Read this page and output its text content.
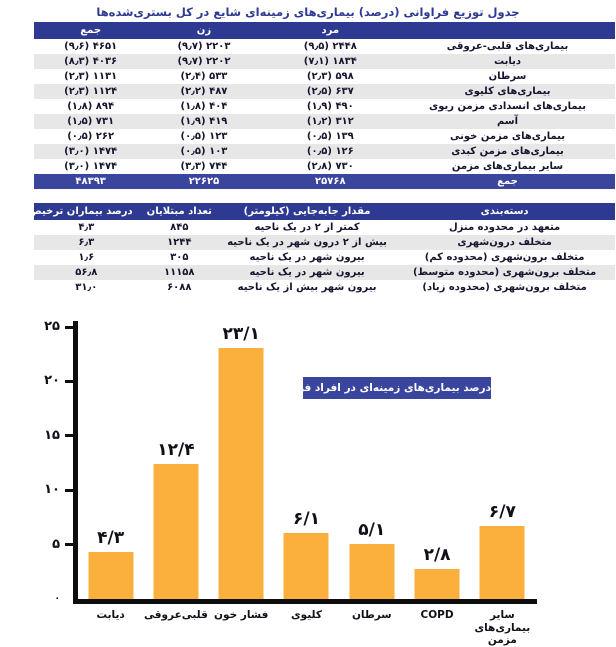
جدول توزیع فراوانی (درصد) بیماری‌های زمینه‌ای شایع در کل بستری‌شده‌ها
	مرد	زن	جمع
بیماری‌های قلبی-عروقی	۲۴۴۸ (۹٫۵)	۲۲۰۳ (۹٫۷)	۴۶۵۱ (۹٫۶)
دیابت	۱۸۳۴ (۷٫۱)	۲۲۰۲ (۹٫۷)	۴۰۳۶ (۸٫۳)
سرطان	۵۹۸ (۲٫۳)	۵۳۳ (۲٫۴)	۱۱۳۱ (۲٫۳)
بیماری‌های کلیوی	۶۳۷ (۲٫۵)	۴۸۷ (۲٫۲)	۱۱۲۴ (۲٫۳)
بیماری‌های انسدادی مزمن ریوی	۴۹۰ (۱٫۹)	۴۰۴ (۱٫۸)	۸۹۴ (۱٫۸)
آسم	۳۱۲ (۱٫۲)	۴۱۹ (۱٫۹)	۷۳۱ (۱٫۵)
بیماری‌های مزمن خونی	۱۳۹ (۰٫۵)	۱۲۳ (۰٫۵)	۲۶۲ (۰٫۵)
بیماری‌های مزمن کبدی	۱۲۶ (۰٫۵)	۱۰۳ (۰٫۵)	۱۴۷۴ (۳٫۰)
سایر بیماری‌های مزمن	۷۳۰ (۲٫۸)	۷۴۴ (۳٫۳)	۱۴۷۴ (۳٫۰)
جمع	۲۵۷۶۸	۲۲۶۲۵	۴۸۳۹۳
دسته‌بندی	مقدار جابه‌جایی (کیلومتر)	تعداد مبتلایان	درصد بیماران ترخیص‌شده
متعهد در محدوده منزل	کمتر از ۲ در یک ناحیه	۸۴۵	۴٫۳
متخلف درون‌شهری	بیش از ۲ درون شهر در یک ناحیه	۱۲۴۴	۶٫۳
متخلف برون‌شهری (محدوده کم)	بیرون شهر در یک ناحیه	۳۰۵	۱٫۶
متخلف برون‌شهری (محدوده متوسط)	بیرون شهر در یک ناحیه	۱۱۱۵۸	۵۶٫۸
متخلف برون‌شهری (محدوده زیاد)	بیرون شهر بیش از یک ناحیه	۶۰۸۸	۳۱٫۰
۴/۳
۱۲/۴
۲۳/۱
۶/۱
۵/۱
۲/۸
۶/۷
درصد بیماری‌های زمینه‌ای در افراد فوت‌شده
دیابت	قلبی‌عروقی فشار خون	کلیوی	سرطان	COPD	سایر بیماری‌های مزمن
۰
۵
۱۰
۱۵
۲۰
۲۵
